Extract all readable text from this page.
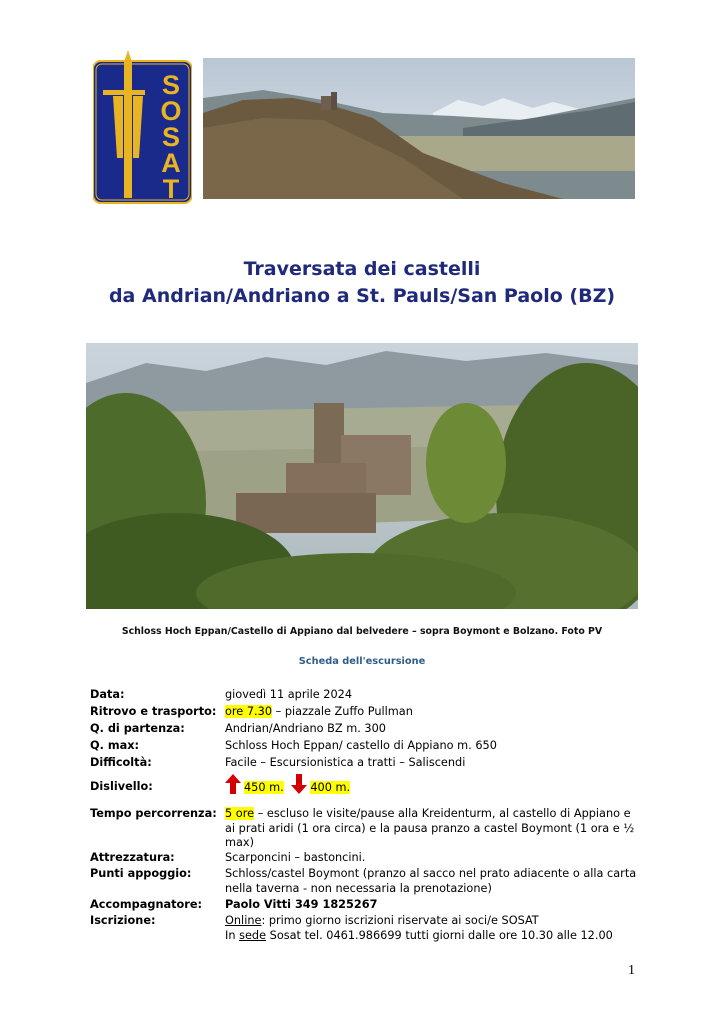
S
O
S
A
T
Traversata dei castelli
da Andrian/Andriano a St. Pauls/San Paolo (BZ)
Schloss Hoch Eppan/Castello di Appiano dal belvedere – sopra Boymont e Bolzano. Foto PV
Scheda dell'escursione
Data:	giovedì 11 aprile 2024
Ritrovo e trasporto: ore 7.30 – piazzale Zuffo Pullman
Q. di partenza:	Andrian/Andriano BZ m. 300
Q. max:	Schloss Hoch Eppan/ castello di Appiano m. 650
Difficoltà:	Facile – Escursionistica a tratti – Saliscendi
Dislivello:	450 m. 400 m.
Tempo percorrenza: 5 ore – escluso le visite/pause alla Kreidenturm, al castello di Appiano e ai prati aridi (1 ora circa) e la pausa pranzo a castel Boymont (1 ora e ½ max)
Attrezzatura:	Scarponcini – bastoncini.
Punti appoggio:	Schloss/castel Boymont (pranzo al sacco nel prato adiacente o alla carta nella taverna - non necessaria la prenotazione)
Accompagnatore: Paolo Vitti 349 1825267
Iscrizione:	Online: primo giorno iscrizioni riservate ai soci/e SOSAT
In sede Sosat tel. 0461.986699 tutti giorni dalle ore 10.30 alle 12.00
1
